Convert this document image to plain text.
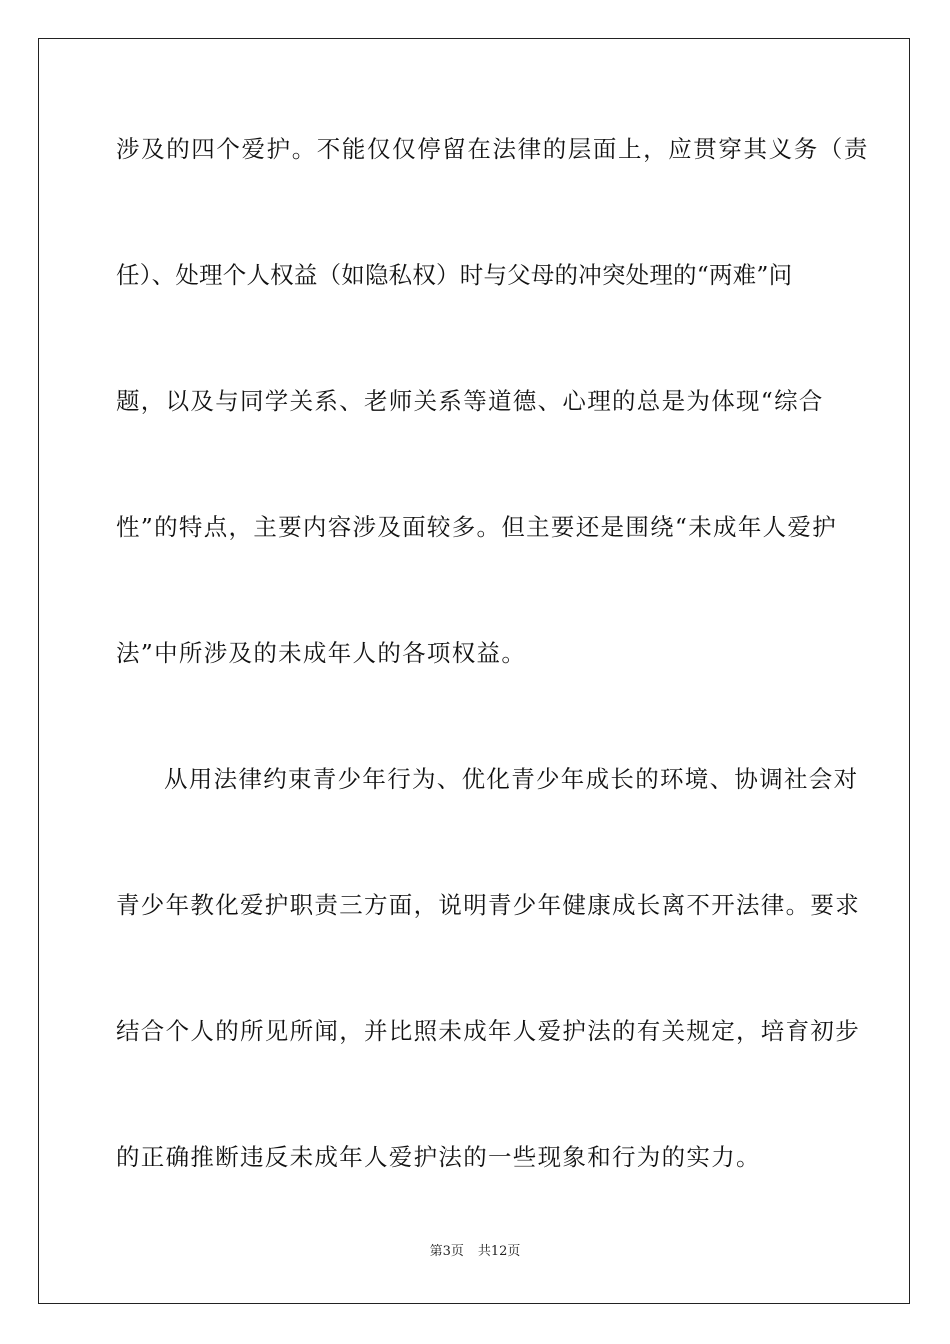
涉及的四个爱护。不能仅仅停留在法律的层面上，应贯穿其义务（责
任）、处理个人权益（如隐私权）时与父母的冲突处理的“两难”问
题，以及与同学关系、老师关系等道德、心理的总是为体现“综合
性”的特点，主要内容涉及面较多。但主要还是围绕“未成年人爱护
法”中所涉及的未成年人的各项权益。
从用法律约束青少年行为、优化青少年成长的环境、协调社会对
青少年教化爱护职责三方面，说明青少年健康成长离不开法律。要求
结合个人的所见所闻，并比照未成年人爱护法的有关规定，培育初步
的正确推断违反未成年人爱护法的一些现象和行为的实力。
第3页 共12页
